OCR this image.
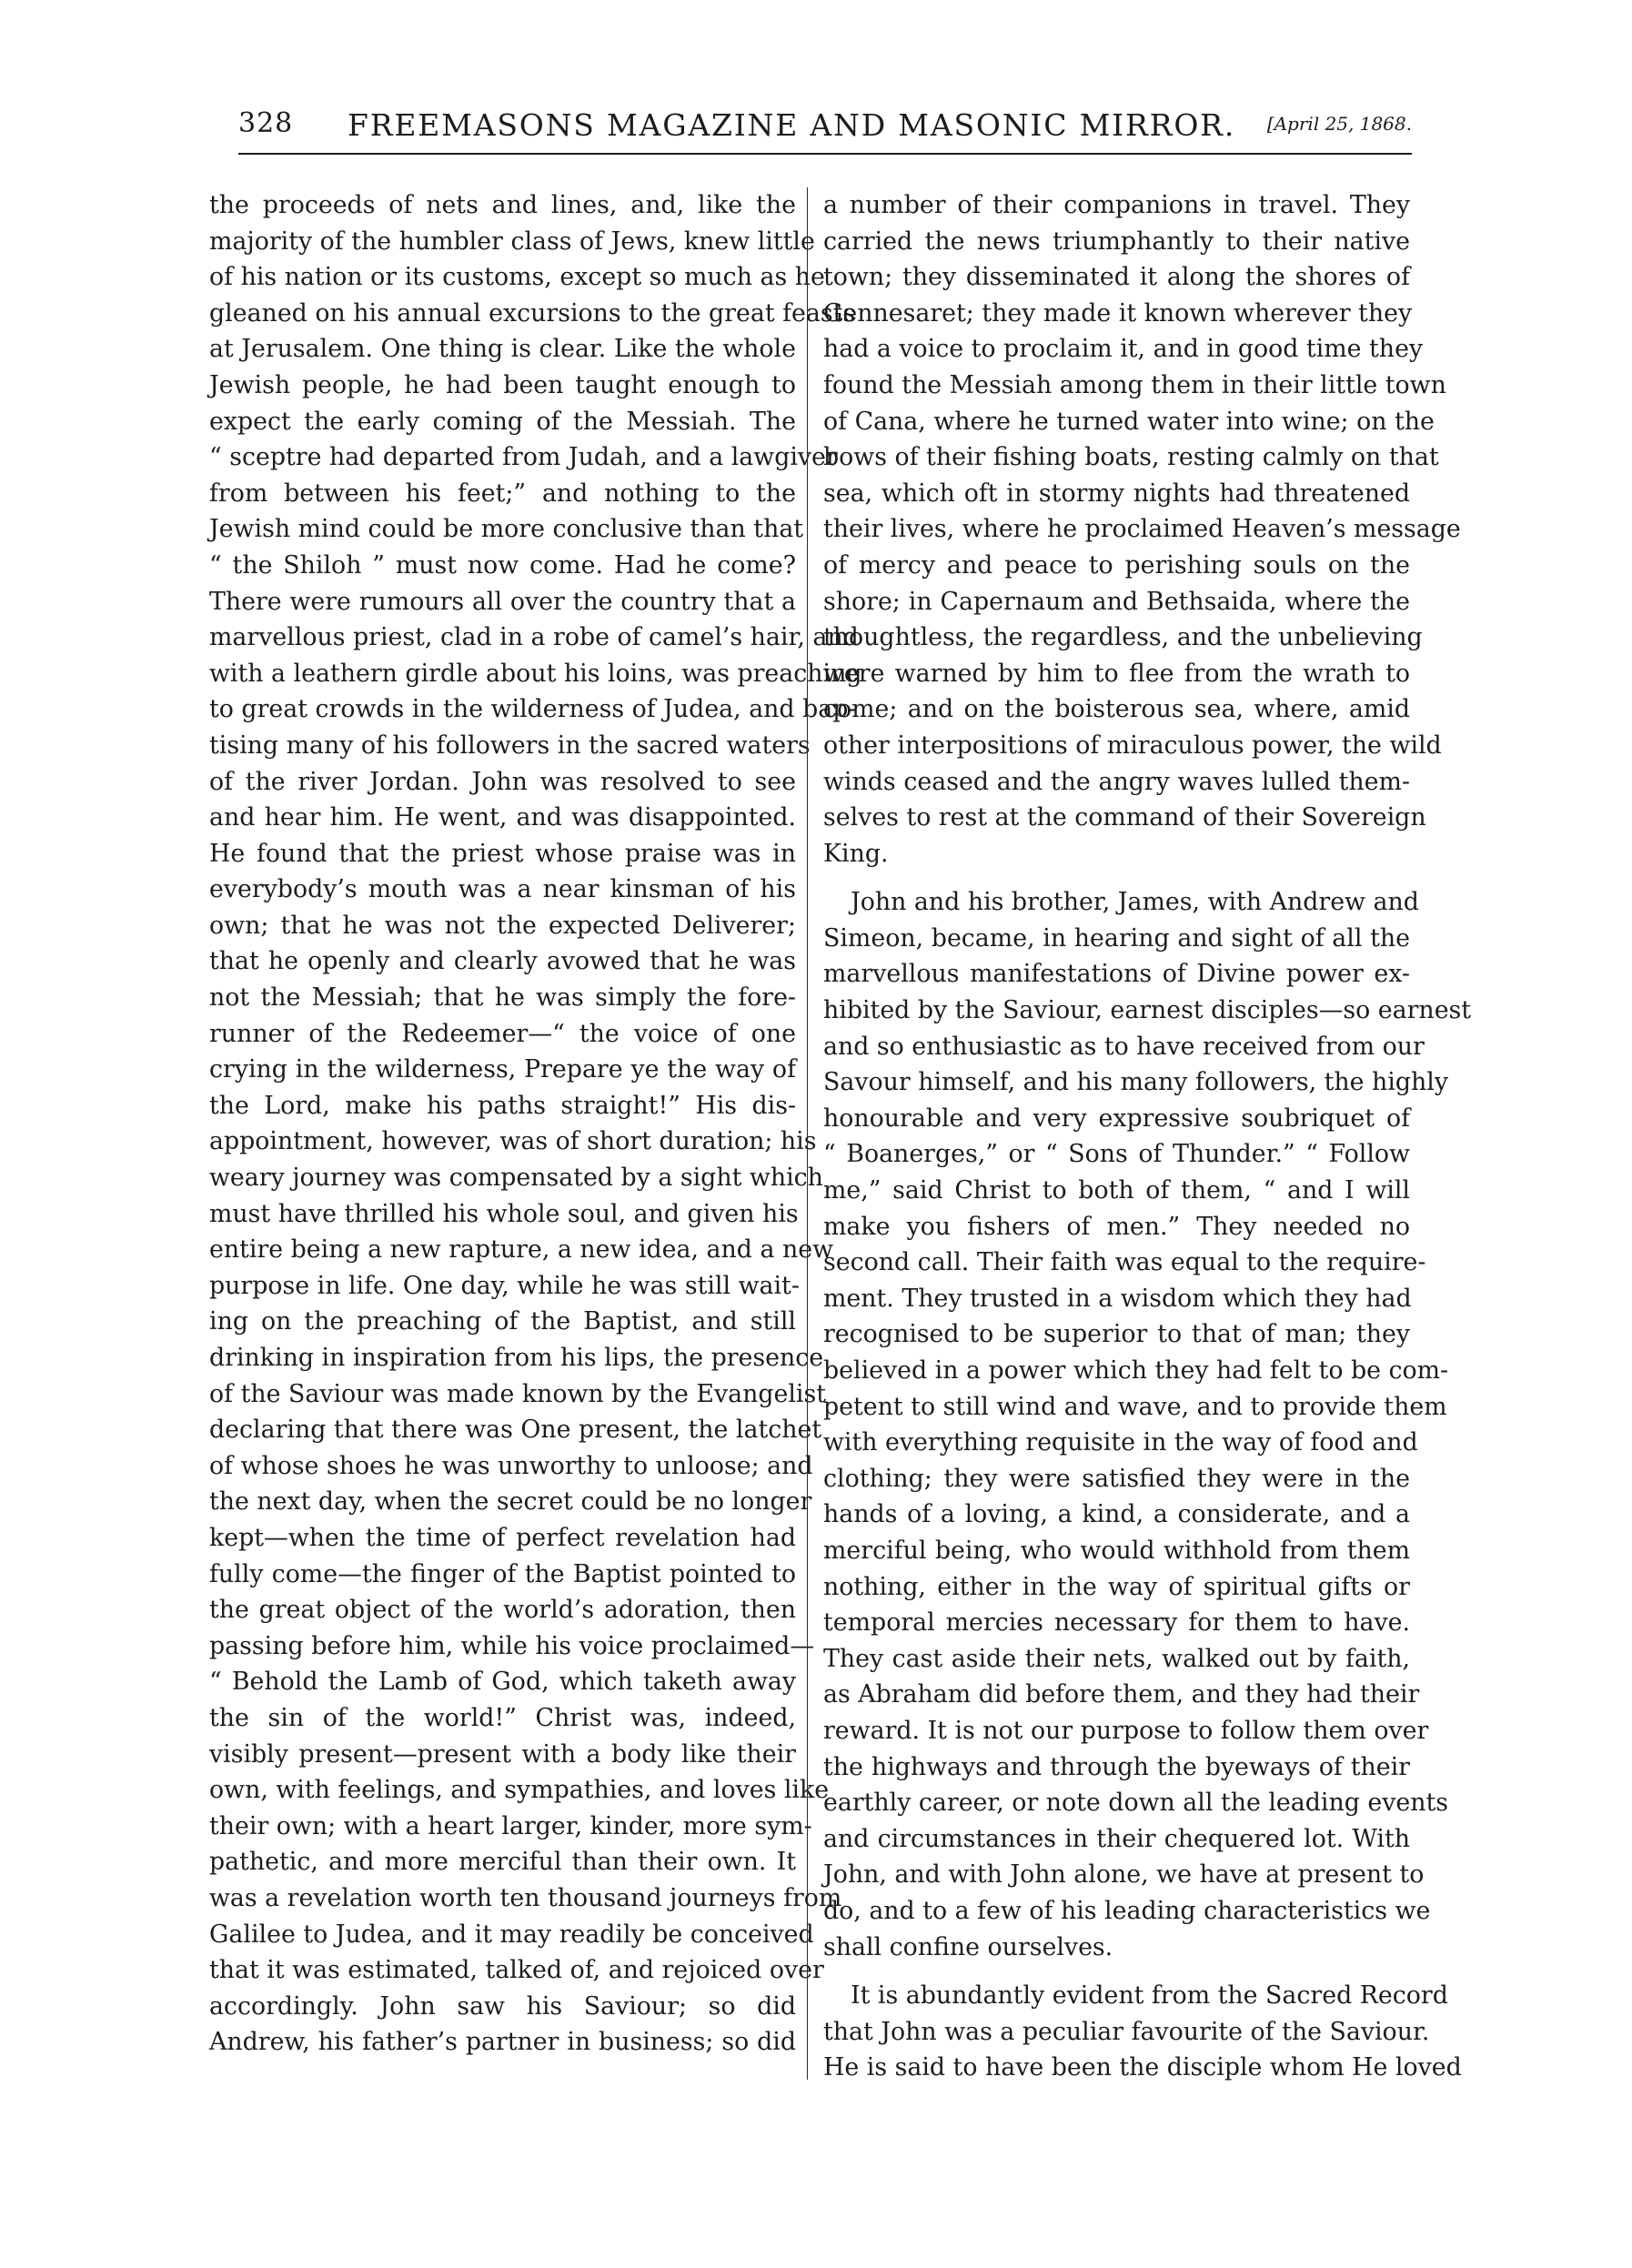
328 FREEMASONS MAGAZINE AND MASONIC MIRROR. [April 25, 1868.
the proceeds of nets and lines, and, like the
majority of the humbler class of Jews, knew little
of his nation or its customs, except so much as he
gleaned on his annual excursions to the great feasts
at Jerusalem. One thing is clear. Like the whole
Jewish people, he had been taught enough to
expect the early coming of the Messiah. The
“ sceptre had departed from Judah, and a lawgiver
from between his feet;” and nothing to the
Jewish mind could be more conclusive than that
“ the Shiloh ” must now come. Had he come?
There were rumours all over the country that a
marvellous priest, clad in a robe of camel’s hair, and
with a leathern girdle about his loins, was preaching
to great crowds in the wilderness of Judea, and bap-
tising many of his followers in the sacred waters
of the river Jordan. John was resolved to see
and hear him. He went, and was disappointed.
He found that the priest whose praise was in
everybody’s mouth was a near kinsman of his
own; that he was not the expected Deliverer;
that he openly and clearly avowed that he was
not the Messiah; that he was simply the fore-
runner of the Redeemer—“ the voice of one
crying in the wilderness, Prepare ye the way of
the Lord, make his paths straight!” His dis-
appointment, however, was of short duration; his
weary journey was compensated by a sight which
must have thrilled his whole soul, and given his
entire being a new rapture, a new idea, and a new
purpose in life. One day, while he was still wait-
ing on the preaching of the Baptist, and still
drinking in inspiration from his lips, the presence
of the Saviour was made known by the Evangelist
declaring that there was One present, the latchet
of whose shoes he was unworthy to unloose; and
the next day, when the secret could be no longer
kept—when the time of perfect revelation had
fully come—the finger of the Baptist pointed to
the great object of the world’s adoration, then
passing before him, while his voice proclaimed—
“ Behold the Lamb of God, which taketh away
the sin of the world!” Christ was, indeed,
visibly present—present with a body like their
own, with feelings, and sympathies, and loves like
their own; with a heart larger, kinder, more sym-
pathetic, and more merciful than their own. It
was a revelation worth ten thousand journeys from
Galilee to Judea, and it may readily be conceived
that it was estimated, talked of, and rejoiced over
accordingly. John saw his Saviour; so did
Andrew, his father’s partner in business; so did
a number of their companions in travel. They
carried the news triumphantly to their native
town; they disseminated it along the shores of
Gennesaret; they made it known wherever they
had a voice to proclaim it, and in good time they
found the Messiah among them in their little town
of Cana, where he turned water into wine; on the
bows of their fishing boats, resting calmly on that
sea, which oft in stormy nights had threatened
their lives, where he proclaimed Heaven’s message
of mercy and peace to perishing souls on the
shore; in Capernaum and Bethsaida, where the
thoughtless, the regardless, and the unbelieving
were warned by him to flee from the wrath to
come; and on the boisterous sea, where, amid
other interpositions of miraculous power, the wild
winds ceased and the angry waves lulled them-
selves to rest at the command of their Sovereign
King.
John and his brother, James, with Andrew and
Simeon, became, in hearing and sight of all the
marvellous manifestations of Divine power ex-
hibited by the Saviour, earnest disciples—so earnest
and so enthusiastic as to have received from our
Savour himself, and his many followers, the highly
honourable and very expressive soubriquet of
“ Boanerges,” or “ Sons of Thunder.” “ Follow
me,” said Christ to both of them, “ and I will
make you fishers of men.” They needed no
second call. Their faith was equal to the require-
ment. They trusted in a wisdom which they had
recognised to be superior to that of man; they
believed in a power which they had felt to be com-
petent to still wind and wave, and to provide them
with everything requisite in the way of food and
clothing; they were satisfied they were in the
hands of a loving, a kind, a considerate, and a
merciful being, who would withhold from them
nothing, either in the way of spiritual gifts or
temporal mercies necessary for them to have.
They cast aside their nets, walked out by faith,
as Abraham did before them, and they had their
reward. It is not our purpose to follow them over
the highways and through the byeways of their
earthly career, or note down all the leading events
and circumstances in their chequered lot. With
John, and with John alone, we have at present to
do, and to a few of his leading characteristics we
shall confine ourselves.
It is abundantly evident from the Sacred Record
that John was a peculiar favourite of the Saviour.
He is said to have been the disciple whom He loved
